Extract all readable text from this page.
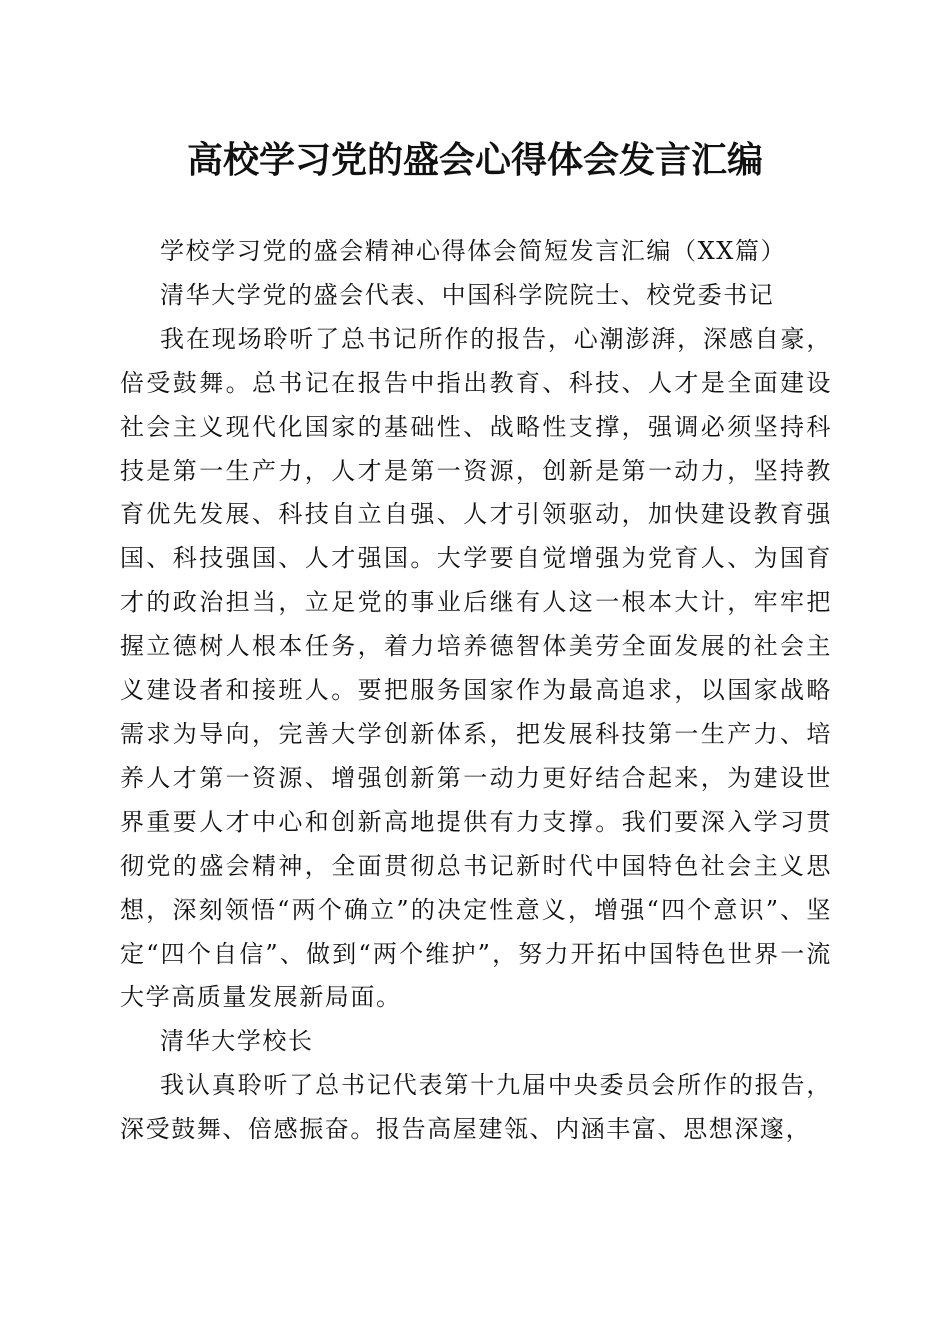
高校学习党的盛会心得体会发言汇编

学校学习党的盛会精神心得体会简短发言汇编（XX篇）

清华大学党的盛会代表、中国科学院院士、校党委书记

我在现场聆听了总书记所作的报告，心潮澎湃，深感自豪，倍受鼓舞。总书记在报告中指出教育、科技、人才是全面建设社会主义现代化国家的基础性、战略性支撑，强调必须坚持科技是第一生产力，人才是第一资源，创新是第一动力，坚持教育优先发展、科技自立自强、人才引领驱动，加快建设教育强国、科技强国、人才强国。大学要自觉增强为党育人、为国育才的政治担当，立足党的事业后继有人这一根本大计，牢牢把握立德树人根本任务，着力培养德智体美劳全面发展的社会主义建设者和接班人。要把服务国家作为最高追求，以国家战略需求为导向，完善大学创新体系，把发展科技第一生产力、培养人才第一资源、增强创新第一动力更好结合起来，为建设世界重要人才中心和创新高地提供有力支撑。我们要深入学习贯彻党的盛会精神，全面贯彻总书记新时代中国特色社会主义思想，深刻领悟“两个确立”的决定性意义，增强“四个意识”、坚定“四个自信”、做到“两个维护”，努力开拓中国特色世界一流大学高质量发展新局面。

清华大学校长

我认真聆听了总书记代表第十九届中央委员会所作的报告，深受鼓舞、倍感振奋。报告高屋建瓴、内涵丰富、思想深邃，
